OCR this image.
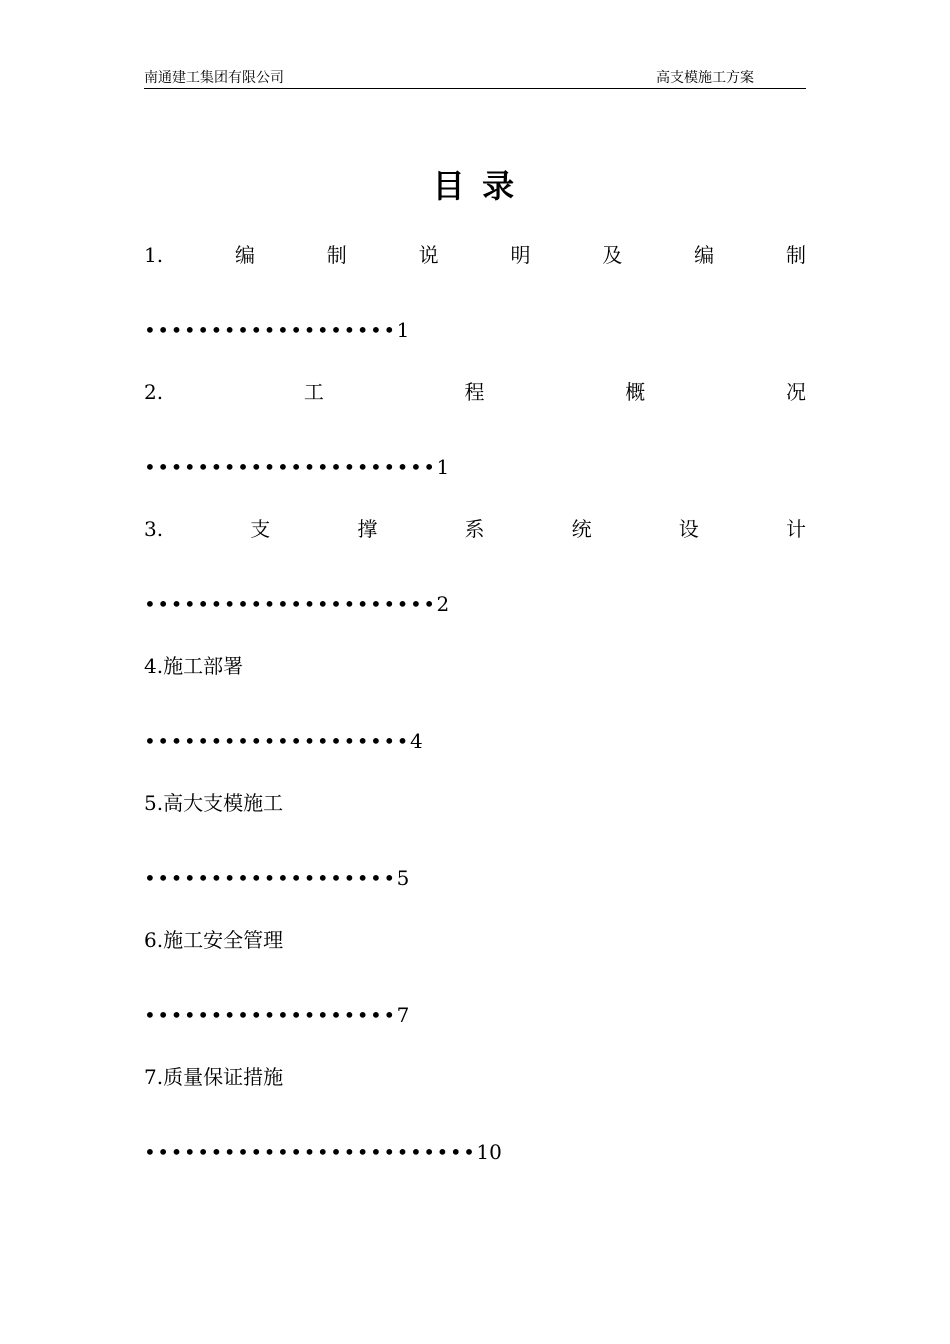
南通建工集团有限公司	高支模施工方案
目 录
1.	编	制	说	明	及	编	制
•••••••••••••••••••1
2.	工	程	概	况
••••••••••••••••••••••1
3.	支	撑	系	统	设	计
••••••••••••••••••••••2
4.施工部署
••••••••••••••••••••4
5.高大支模施工
•••••••••••••••••••5
6.施工安全管理
•••••••••••••••••••7
7.质量保证措施
•••••••••••••••••••••••••10
